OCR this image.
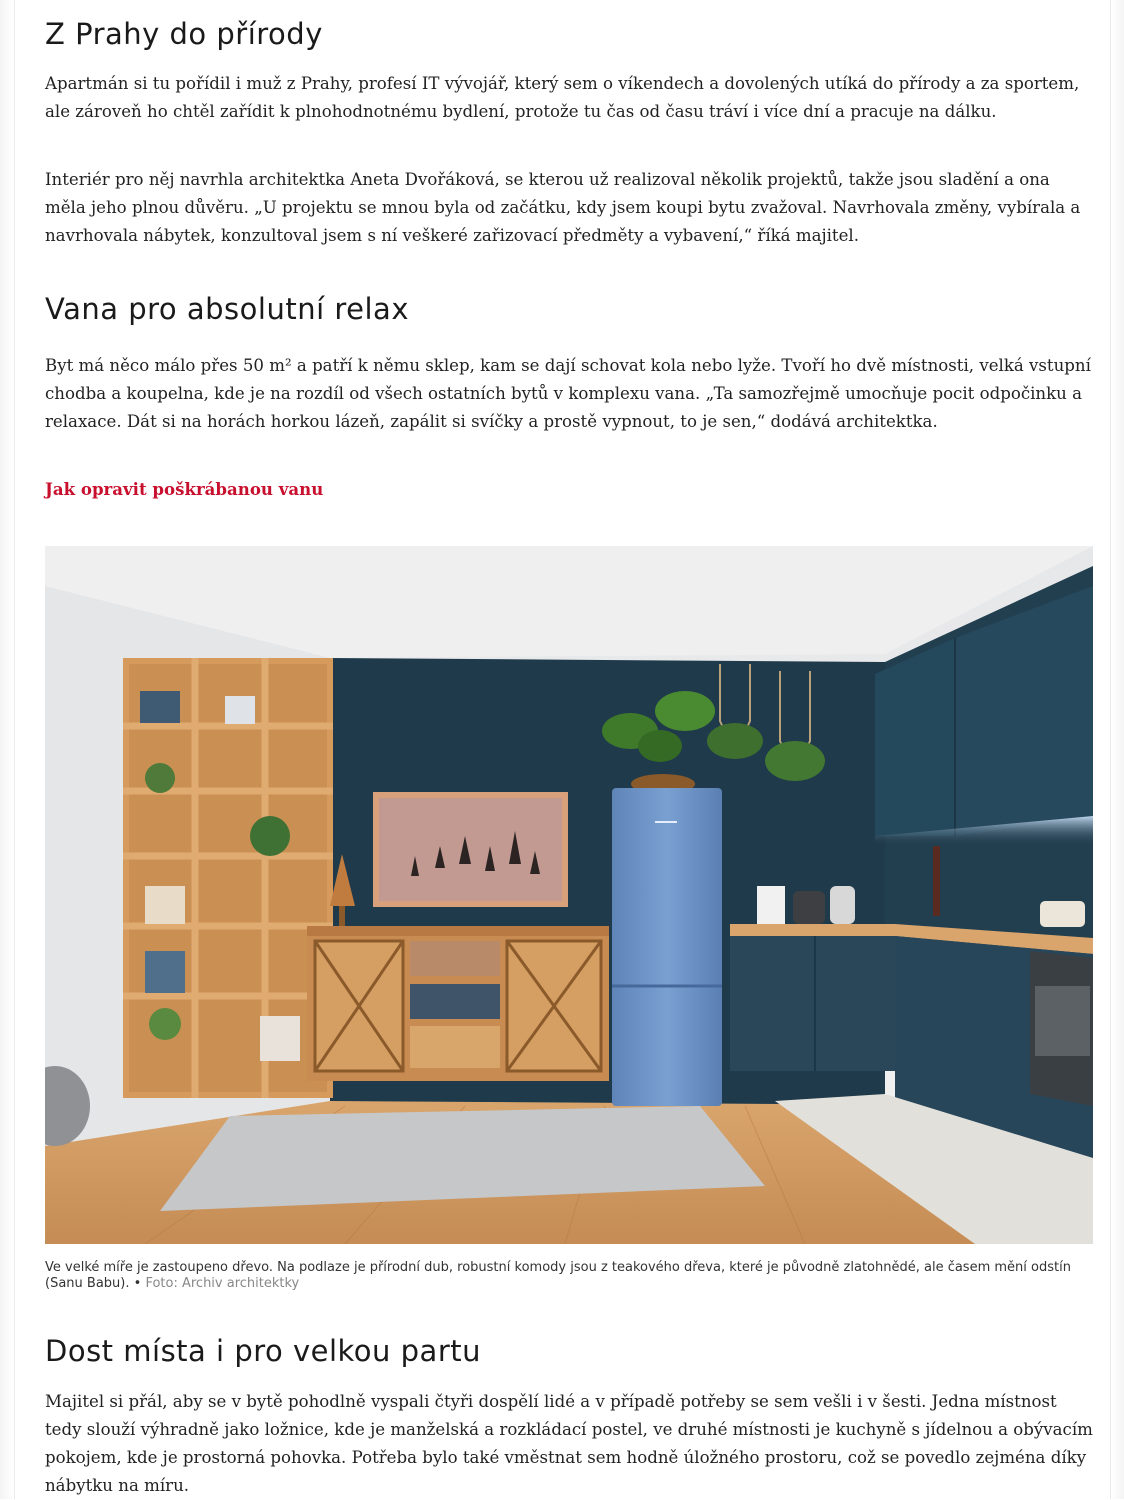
Z Prahy do přírody

Apartmán si tu pořídil i muž z Prahy, profesí IT vývojář, který sem o víkendech a dovolených utíká do přírody a za sportem, ale zároveň ho chtěl zařídit k plnohodnotnému bydlení, protože tu čas od času tráví i více dní a pracuje na dálku.

Interiér pro něj navrhla architektka Aneta Dvořáková, se kterou už realizoval několik projektů, takže jsou sladění a ona měla jeho plnou důvěru. „U projektu se mnou byla od začátku, kdy jsem koupi bytu zvažoval. Navrhovala změny, vybírala a navrhovala nábytek, konzultoval jsem s ní veškeré zařizovací předměty a vybavení,“ říká majitel.

Vana pro absolutní relax

Byt má něco málo přes 50 m² a patří k němu sklep, kam se dají schovat kola nebo lyže. Tvoří ho dvě místnosti, velká vstupní chodba a koupelna, kde je na rozdíl od všech ostatních bytů v komplexu vana. „Ta samozřejmě umocňuje pocit odpočinku a relaxace. Dát si na horách horkou lázeň, zapálit si svíčky a prostě vypnout, to je sen,“ dodává architektka.

Jak opravit poškrábanou vanu
Ve velké míře je zastoupeno dřevo. Na podlaze je přírodní dub, robustní komody jsou z teakového dřeva, které je původně zlatohnědé, ale časem mění odstín (Sanu Babu). • Foto: Archiv architektky
Dost místa i pro velkou partu

Majitel si přál, aby se v bytě pohodlně vyspali čtyři dospělí lidé a v případě potřeby se sem vešli i v šesti. Jedna místnost tedy slouží výhradně jako ložnice, kde je manželská a rozkládací postel, ve druhé místnosti je kuchyně s jídelnou a obývacím pokojem, kde je prostorná pohovka. Potřeba bylo také vměstnat sem hodně úložného prostoru, což se povedlo zejména díky nábytku na míru.
